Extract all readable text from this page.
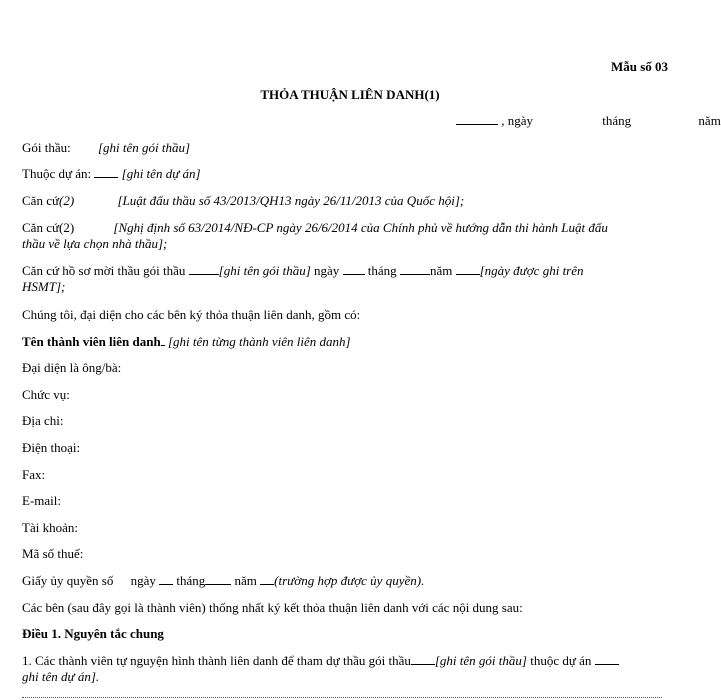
Mẫu số 03
THỎA THUẬN LIÊN DANH(1)
, ngày	tháng	năm
Gói thầu: [ghi tên gói thầu]
Thuộc dự án: [ghi tên dự án]
Căn cứ(2)	[Luật đấu thầu số 43/2013/QH13 ngày 26/11/2013 của Quốc hội];
Căn cứ(2)	[Nghị định số 63/2014/NĐ-CP ngày 26/6/2014 của Chính phủ về hướng dẫn thi hành Luật đấu
thầu về lựa chọn nhà thầu];
Căn cứ hồ sơ mời thầu gói thầu	[ghi tên gói thầu] ngày tháng	năm [ngày được ghi trên
HSMT];
Chúng tôi, đại diện cho các bên ký thỏa thuận liên danh, gồm có:
Tên thành viên liên danh [ghi tên từng thành viên liên danh]
Đại diện là ông/bà:
Chức vụ:
Địa chỉ:
Điện thoại:
Fax:
E-mail:
Tài khoản:
Mã số thuế:
Giấy ủy quyền số ngày tháng năm (trường hợp được ủy quyền).
Các bên (sau đây gọi là thành viên) thống nhất ký kết thỏa thuận liên danh với các nội dung sau:
Điều 1. Nguyên tắc chung
1. Các thành viên tự nguyện hình thành liên danh để tham dự thầu gói thầu [ghi tên gói thầu] thuộc dự án
ghi tên dự án].
